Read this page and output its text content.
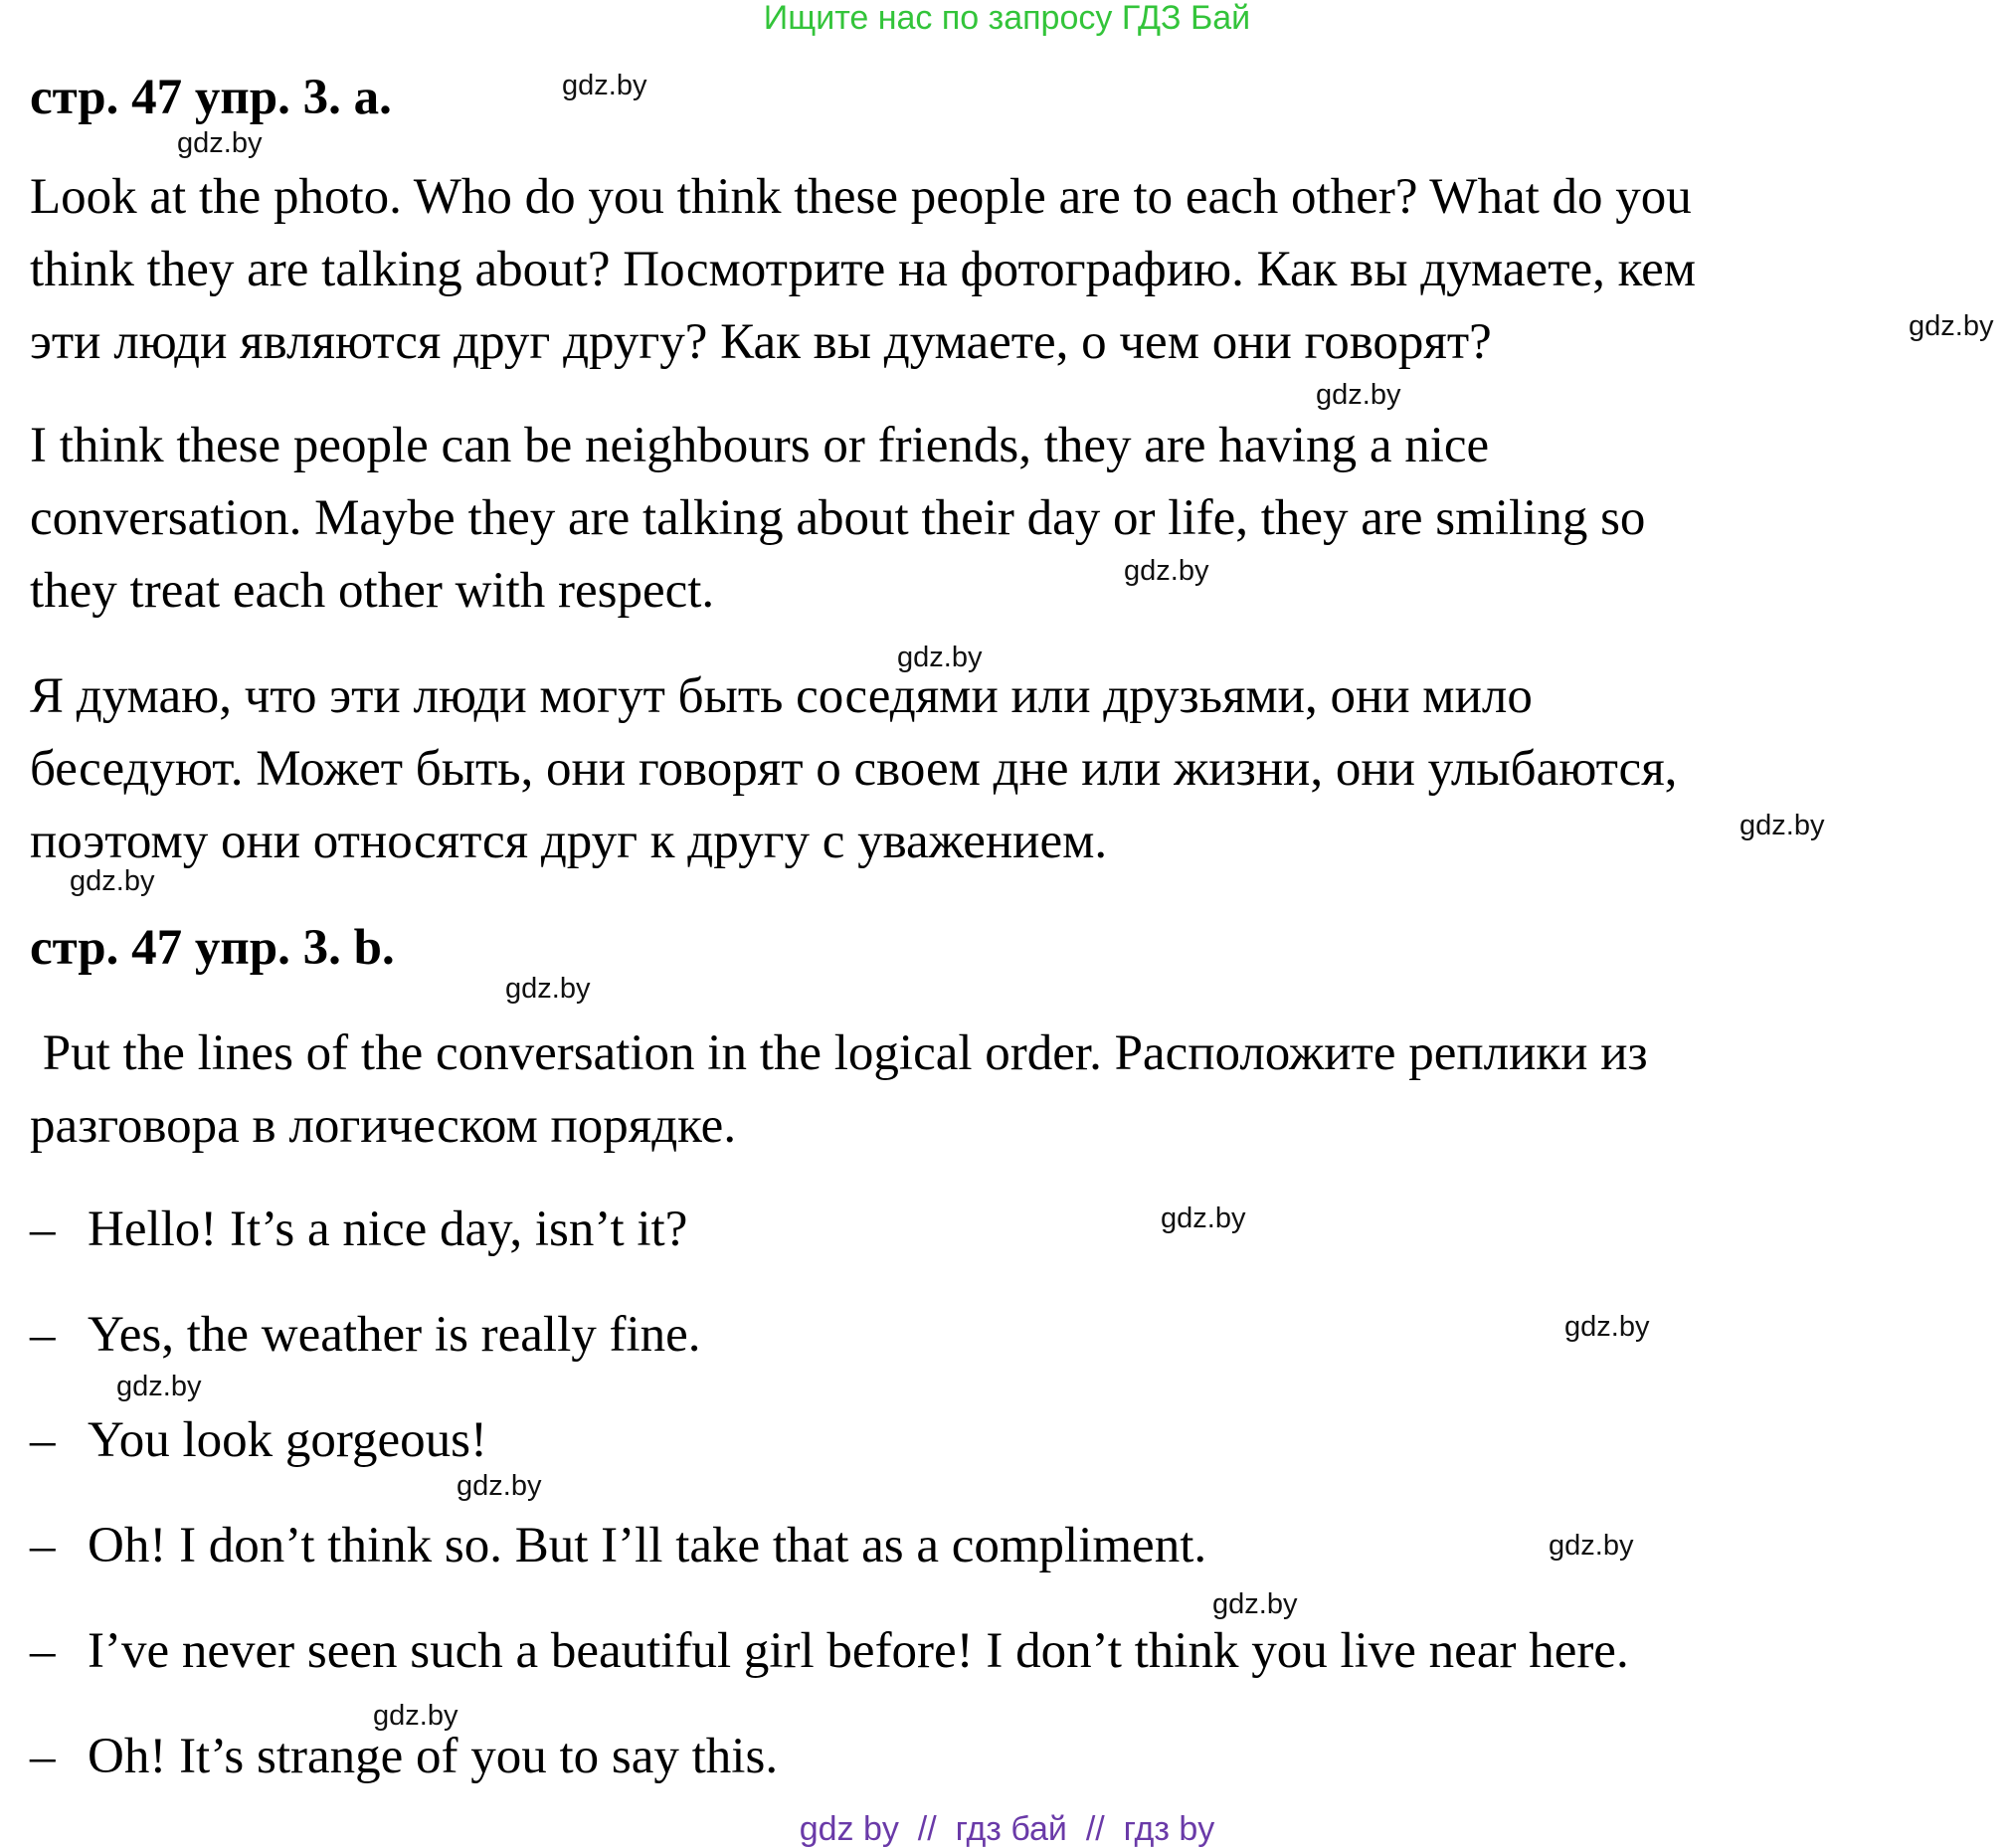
Ищите нас по запросу ГДЗ Бай
стр. 47 упр. 3. a.
Look at the photo. Who do you think these people are to each other? What do you
think they are talking about? Посмотрите на фотографию. Как вы думаете, кем
эти люди являются друг другу? Как вы думаете, о чем они говорят?
I think these people can be neighbours or friends, they are having a nice
conversation. Maybe they are talking about their day or life, they are smiling so
they treat each other with respect.
Я думаю, что эти люди могут быть соседями или друзьями, они мило
беседуют. Может быть, они говорят о своем дне или жизни, они улыбаются,
поэтому они относятся друг к другу с уважением.
стр. 47 упр. 3. b.
Put the lines of the conversation in the logical order. Расположите реплики из
разговора в логическом порядке.
– Hello! It’s a nice day, isn’t it?
– Yes, the weather is really fine.
– You look gorgeous!
– Oh! I don’t think so. But I’ll take that as a compliment.
– I’ve never seen such a beautiful girl before! I don’t think you live near here.
– Oh! It’s strange of you to say this.
gdz.by
gdz.by
gdz.by
gdz.by
gdz.by
gdz.by
gdz.by
gdz.by
gdz.by
gdz.by
gdz.by
gdz.by
gdz.by
gdz.by
gdz.by
gdz.by
gdz by  //  гдз бай  //  гдз by
